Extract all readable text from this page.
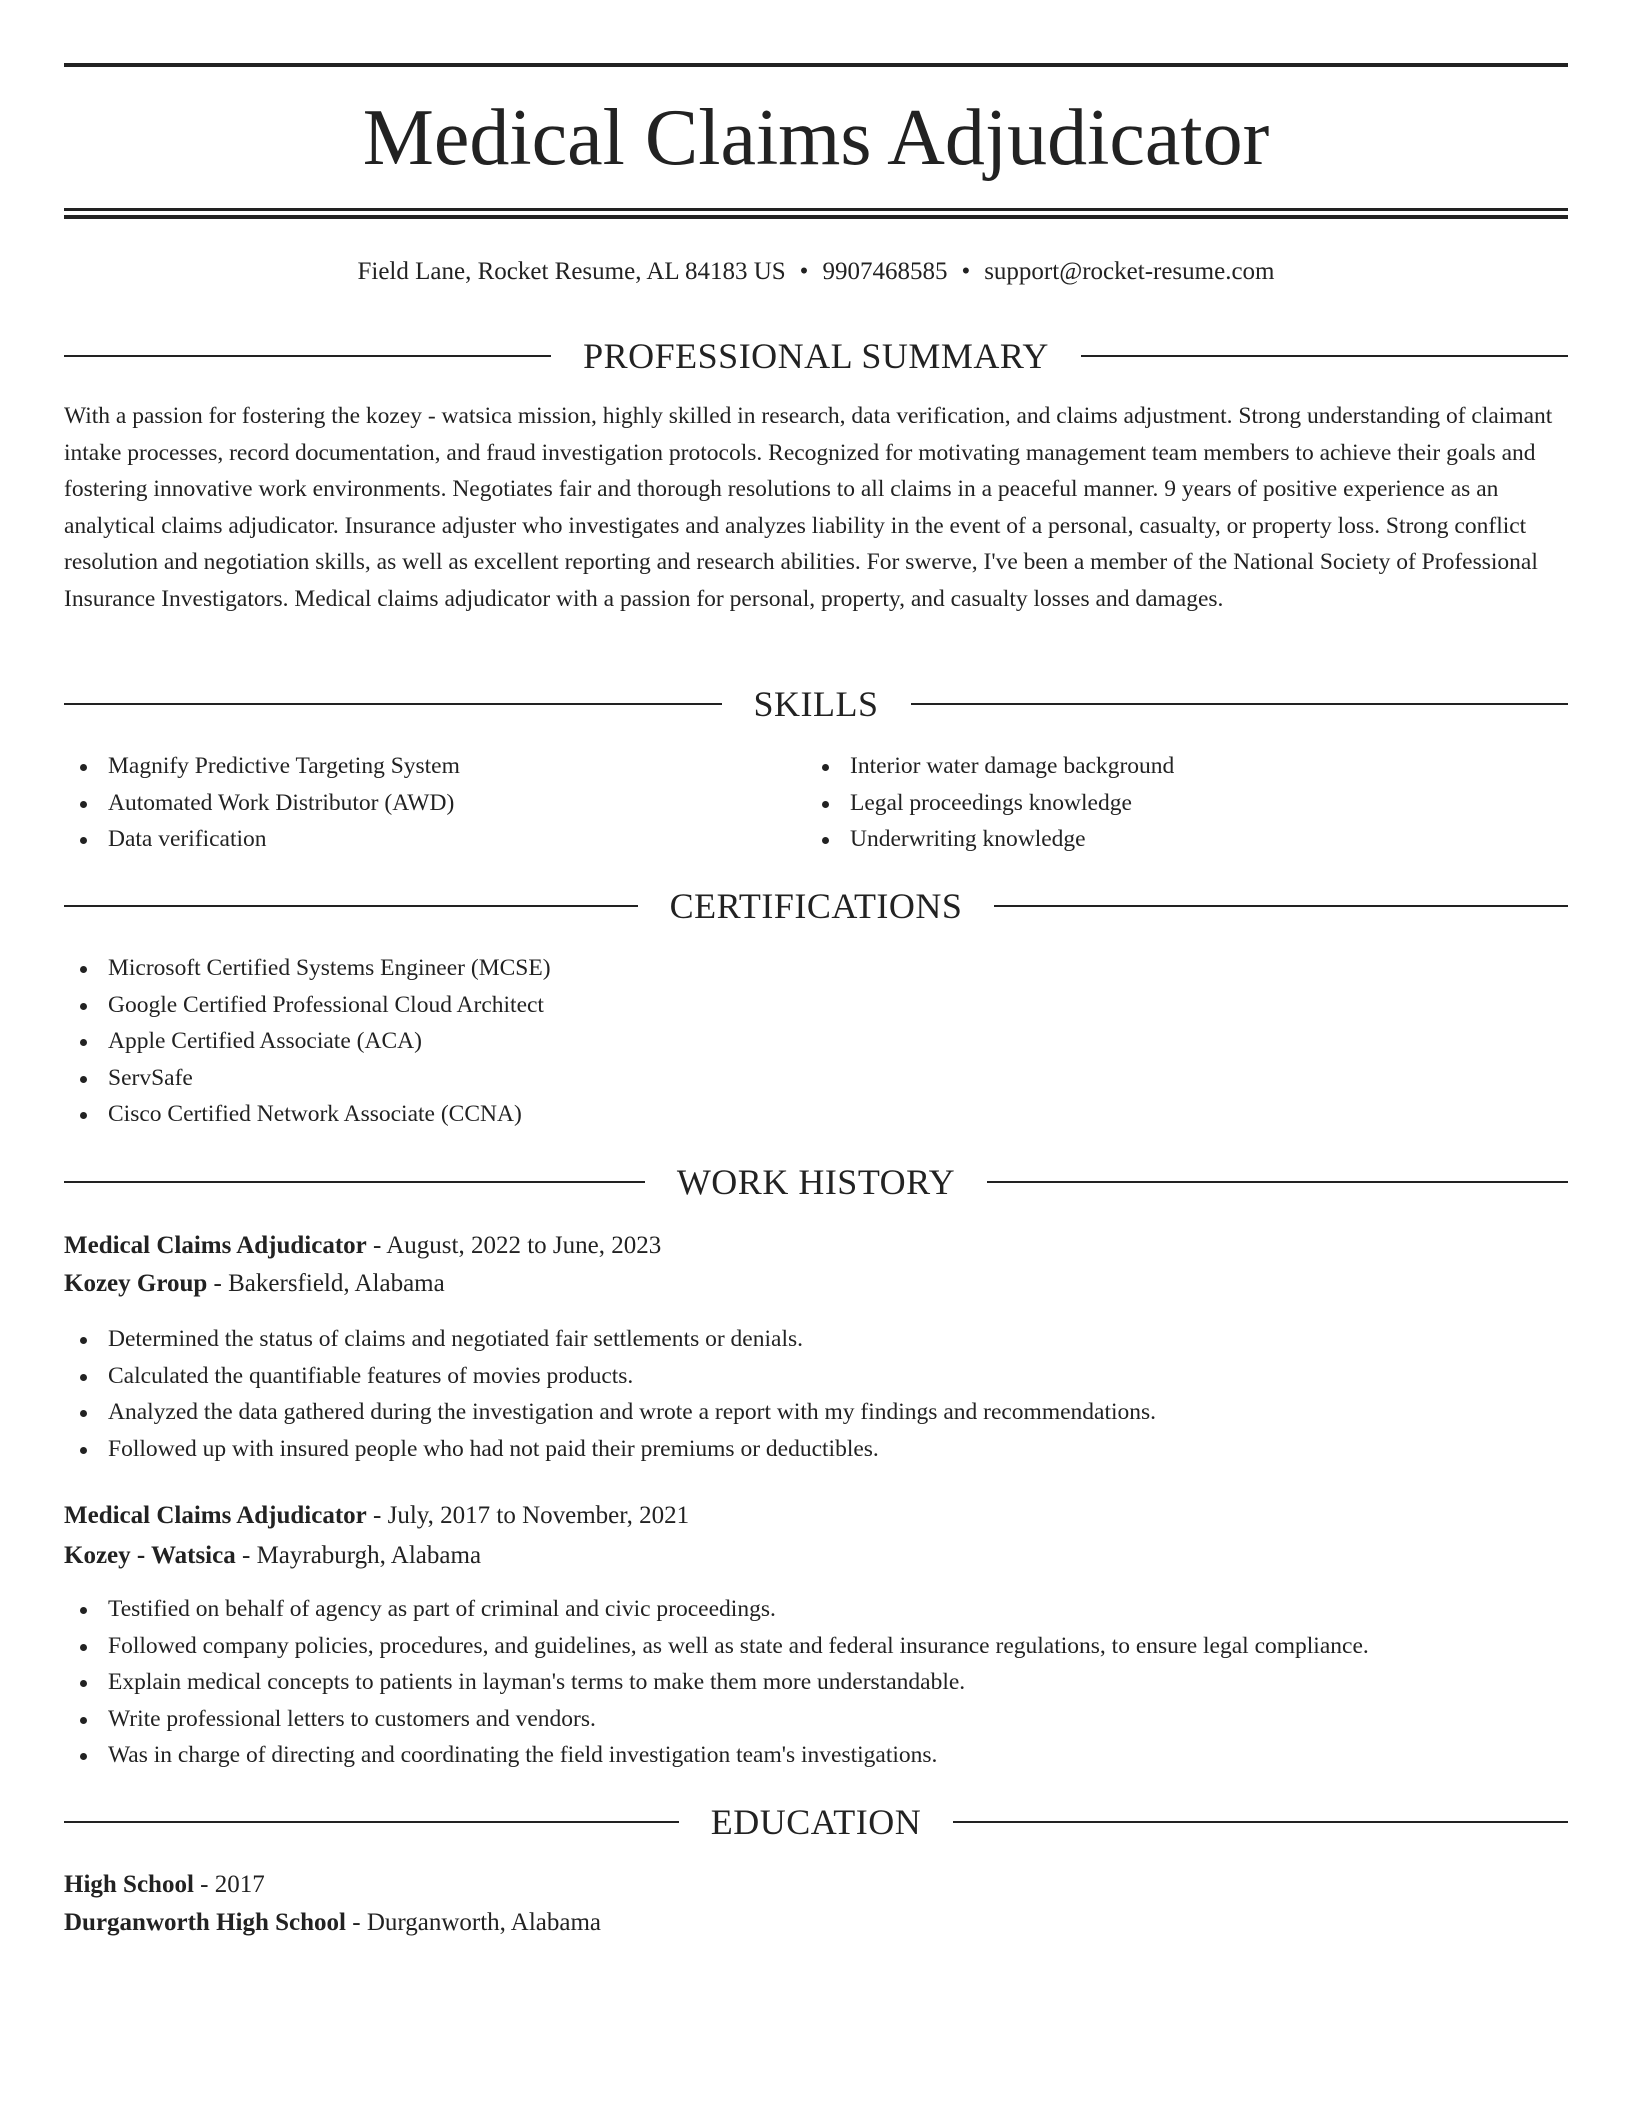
Medical Claims Adjudicator
Field Lane, Rocket Resume, AL 84183 US • 9907468585 • support@rocket-resume.com
PROFESSIONAL SUMMARY

With a passion for fostering the kozey - watsica mission, highly skilled in research, data verification, and claims adjustment. Strong understanding of claimant intake processes, record documentation, and fraud investigation protocols. Recognized for motivating management team members to achieve their goals and fostering innovative work environments. Negotiates fair and thorough resolutions to all claims in a peaceful manner. 9 years of positive experience as an analytical claims adjudicator. Insurance adjuster who investigates and analyzes liability in the event of a personal, casualty, or property loss. Strong conflict resolution and negotiation skills, as well as excellent reporting and research abilities. For swerve, I've been a member of the National Society of Professional Insurance Investigators. Medical claims adjudicator with a passion for personal, property, and casualty losses and damages.

SKILLS
Magnify Predictive Targeting System
Automated Work Distributor (AWD)
Data verification
Interior water damage background
Legal proceedings knowledge
Underwriting knowledge
CERTIFICATIONS
Microsoft Certified Systems Engineer (MCSE)
Google Certified Professional Cloud Architect
Apple Certified Associate (ACA)
ServSafe
Cisco Certified Network Associate (CCNA)
WORK HISTORY
Medical Claims Adjudicator - August, 2022 to June, 2023
Kozey Group - Bakersfield, Alabama
Determined the status of claims and negotiated fair settlements or denials.
Calculated the quantifiable features of movies products.
Analyzed the data gathered during the investigation and wrote a report with my findings and recommendations.
Followed up with insured people who had not paid their premiums or deductibles.
Medical Claims Adjudicator - July, 2017 to November, 2021
Kozey - Watsica - Mayraburgh, Alabama
Testified on behalf of agency as part of criminal and civic proceedings.
Followed company policies, procedures, and guidelines, as well as state and federal insurance regulations, to ensure legal compliance.
Explain medical concepts to patients in layman's terms to make them more understandable.
Write professional letters to customers and vendors.
Was in charge of directing and coordinating the field investigation team's investigations.
EDUCATION
High School - 2017
Durganworth High School - Durganworth, Alabama
